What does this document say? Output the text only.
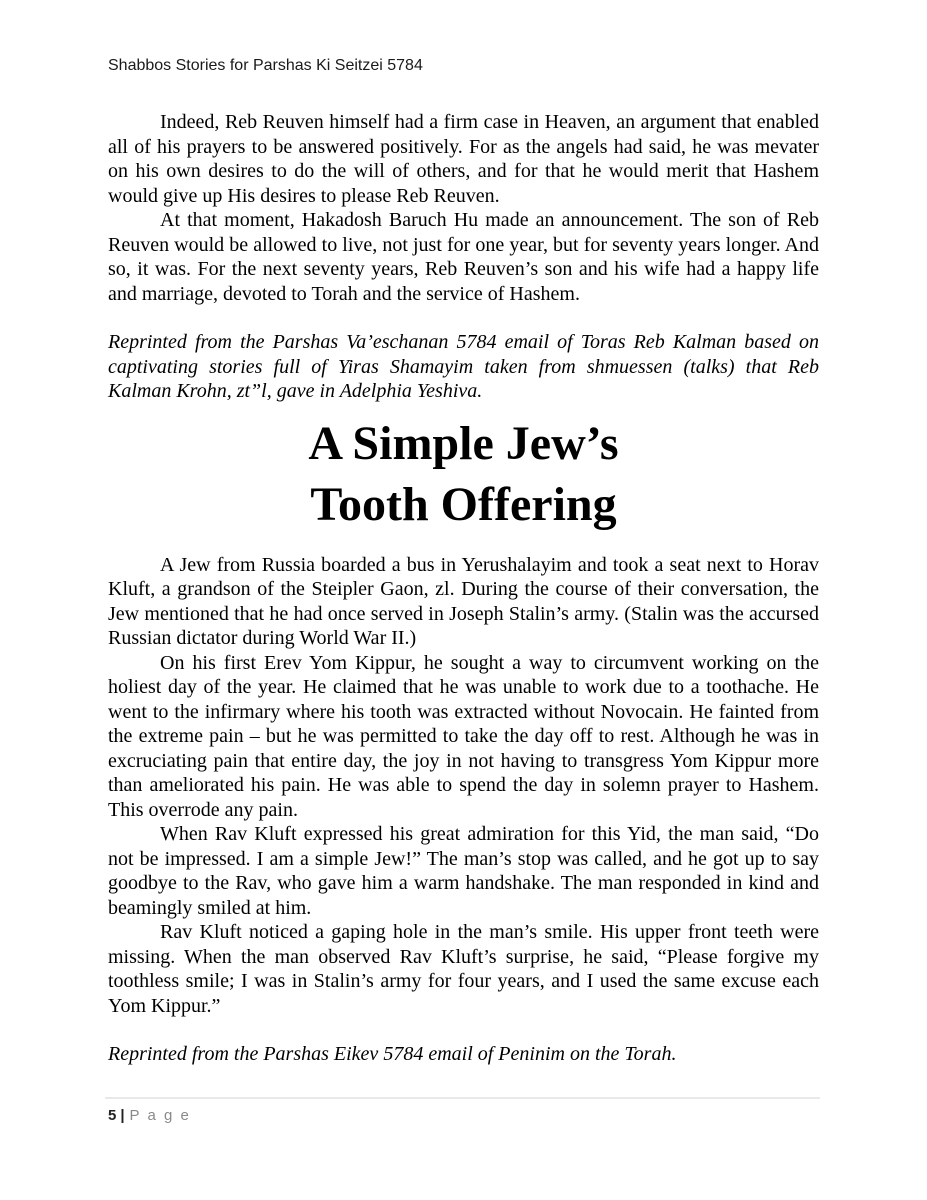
Shabbos Stories for Parshas Ki Seitzei 5784

Indeed, Reb Reuven himself had a firm case in Heaven, an argument that enabled all of his prayers to be answered positively. For as the angels had said, he was mevater on his own desires to do the will of others, and for that he would merit that Hashem would give up His desires to please Reb Reuven.

At that moment, Hakadosh Baruch Hu made an announcement. The son of Reb Reuven would be allowed to live, not just for one year, but for seventy years longer. And so, it was. For the next seventy years, Reb Reuven’s son and his wife had a happy life and marriage, devoted to Torah and the service of Hashem.

Reprinted from the Parshas Va’eschanan 5784 email of Toras Reb Kalman based on captivating stories full of Yiras Shamayim taken from shmuessen (talks) that Reb Kalman Krohn, zt”l, gave in Adelphia Yeshiva.

A Simple Jew’s
Tooth Offering

A Jew from Russia boarded a bus in Yerushalayim and took a seat next to Horav Kluft, a grandson of the Steipler Gaon, zl. During the course of their conversation, the Jew mentioned that he had once served in Joseph Stalin’s army. (Stalin was the accursed Russian dictator during World War II.)

On his first Erev Yom Kippur, he sought a way to circumvent working on the holiest day of the year. He claimed that he was unable to work due to a toothache. He went to the infirmary where his tooth was extracted without Novocain. He fainted from the extreme pain – but he was permitted to take the day off to rest. Although he was in excruciating pain that entire day, the joy in not having to transgress Yom Kippur more than ameliorated his pain. He was able to spend the day in solemn prayer to Hashem. This overrode any pain.

When Rav Kluft expressed his great admiration for this Yid, the man said, “Do not be impressed. I am a simple Jew!” The man’s stop was called, and he got up to say goodbye to the Rav, who gave him a warm handshake. The man responded in kind and beamingly smiled at him.

Rav Kluft noticed a gaping hole in the man’s smile. His upper front teeth were missing. When the man observed Rav Kluft’s surprise, he said, “Please forgive my toothless smile; I was in Stalin’s army for four years, and I used the same excuse each Yom Kippur.”

Reprinted from the Parshas Eikev 5784 email of Peninim on the Torah.

5 | P a g e
